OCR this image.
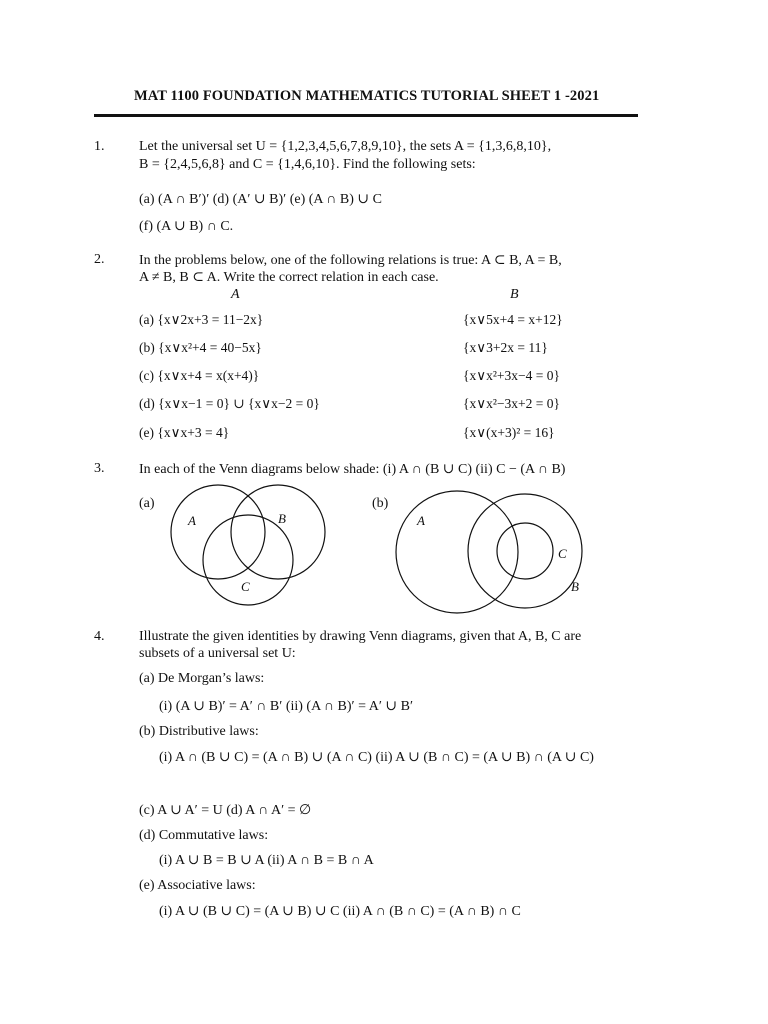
MAT 1100 FOUNDATION MATHEMATICS TUTORIAL SHEET 1 -2021
1. Let the universal set U = {1,2,3,4,5,6,7,8,9,10}, the sets A = {1,3,6,8,10},
B = {2,4,5,6,8} and C = {1,4,6,10}. Find the following sets:
(a) (A ∩ B′)′ (d) (A′ ∪ B)′ (e) (A ∩ B) ∪ C
(f) (A ∪ B) ∩ C.
2. In the problems below, one of the following relations is true: A ⊂ B, A = B,
A ≠ B, B ⊂ A. Write the correct relation in each case.
A	B
(a) {x∨2x+3 = 11−2x}	{x∨5x+4 = x+12}
(b) {x∨x²+4 = 40−5x}	{x∨3+2x = 11}
(c) {x∨x+4 = x(x+4)}	{x∨x²+3x−4 = 0}
(d) {x∨x−1 = 0} ∪ {x∨x−2 = 0}	{x∨x²−3x+2 = 0}
(e) {x∨x+3 = 4}	{x∨(x+3)² = 16}
3. In each of the Venn diagrams below shade: (i) A ∩ (B ∪ C) (ii) C − (A ∩ B)
(a)
A	B
C
(b)
A
B
C
4. Illustrate the given identities by drawing Venn diagrams, given that A, B, C are
subsets of a universal set U:
(a) De Morgan’s laws:
(i) (A ∪ B)′ = A′ ∩ B′ (ii) (A ∩ B)′ = A′ ∪ B′
(b) Distributive laws:
(i) A ∩ (B ∪ C) = (A ∩ B) ∪ (A ∩ C) (ii) A ∪ (B ∩ C) = (A ∪ B) ∩ (A ∪ C)
(c) A ∪ A′ = U (d) A ∩ A′ = ∅
(d) Commutative laws:
(i) A ∪ B = B ∪ A (ii) A ∩ B = B ∩ A
(e) Associative laws:
(i) A ∪ (B ∪ C) = (A ∪ B) ∪ C (ii) A ∩ (B ∩ C) = (A ∩ B) ∩ C
